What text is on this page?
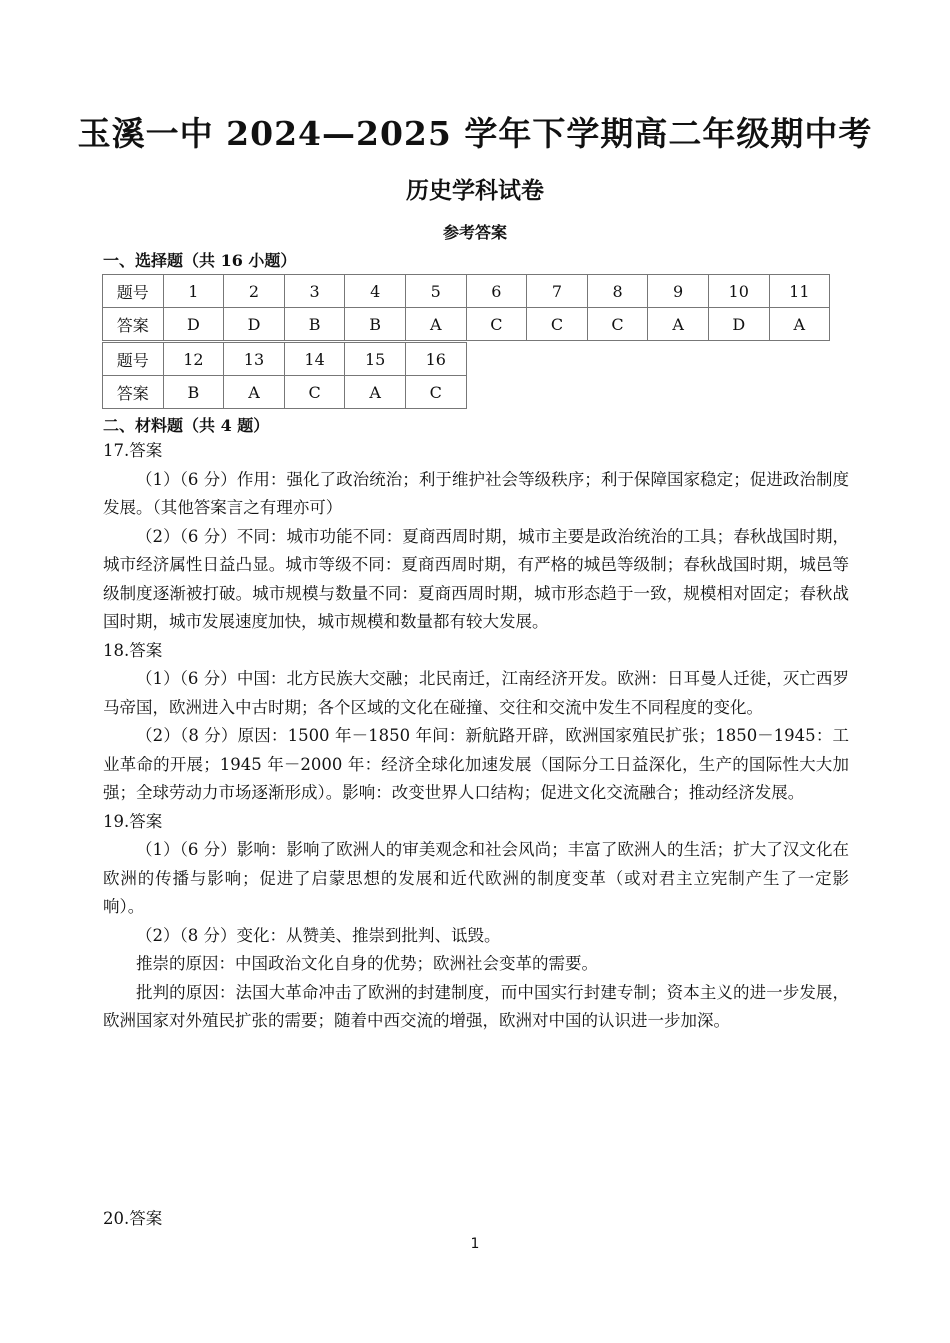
玉溪一中 2024—2025 学年下学期高二年级期中考
历史学科试卷
参考答案
一、选择题（共 16 小题）
题号	1	2	3	4	5	6	7	8	9	10	11
答案	D	D	B	B	A	C	C	C	A	D	A
题号	12	13	14	15	16
答案	B	A	C	A	C
二、材料题（共 4 题）
17.答案

（1）（6 分）作用：强化了政治统治；利于维护社会等级秩序；利于保障国家稳定；促进政治制度发展。（其他答案言之有理亦可）

（2）（6 分）不同：城市功能不同：夏商西周时期，城市主要是政治统治的工具；春秋战国时期，城市经济属性日益凸显。城市等级不同：夏商西周时期，有严格的城邑等级制；春秋战国时期，城邑等级制度逐渐被打破。城市规模与数量不同：夏商西周时期，城市形态趋于一致，规模相对固定；春秋战国时期，城市发展速度加快，城市规模和数量都有较大发展。

18.答案

（1）（6 分）中国：北方民族大交融；北民南迁，江南经济开发。欧洲：日耳曼人迁徙，灭亡西罗马帝国，欧洲进入中古时期；各个区域的文化在碰撞、交往和交流中发生不同程度的变化。

（2）（8 分）原因：1500 年－1850 年间：新航路开辟，欧洲国家殖民扩张；1850－1945：工业革命的开展；1945 年－2000 年：经济全球化加速发展（国际分工日益深化，生产的国际性大大加强；全球劳动力市场逐渐形成）。影响：改变世界人口结构；促进文化交流融合；推动经济发展。

19.答案

（1）（6 分）影响：影响了欧洲人的审美观念和社会风尚；丰富了欧洲人的生活；扩大了汉文化在欧洲的传播与影响；促进了启蒙思想的发展和近代欧洲的制度变革（或对君主立宪制产生了一定影响）。

（2）（8 分）变化：从赞美、推崇到批判、诋毁。

推崇的原因：中国政治文化自身的优势；欧洲社会变革的需要。

批判的原因：法国大革命冲击了欧洲的封建制度，而中国实行封建专制；资本主义的进一步发展，欧洲国家对外殖民扩张的需要；随着中西交流的增强，欧洲对中国的认识进一步加深。

20.答案
1
